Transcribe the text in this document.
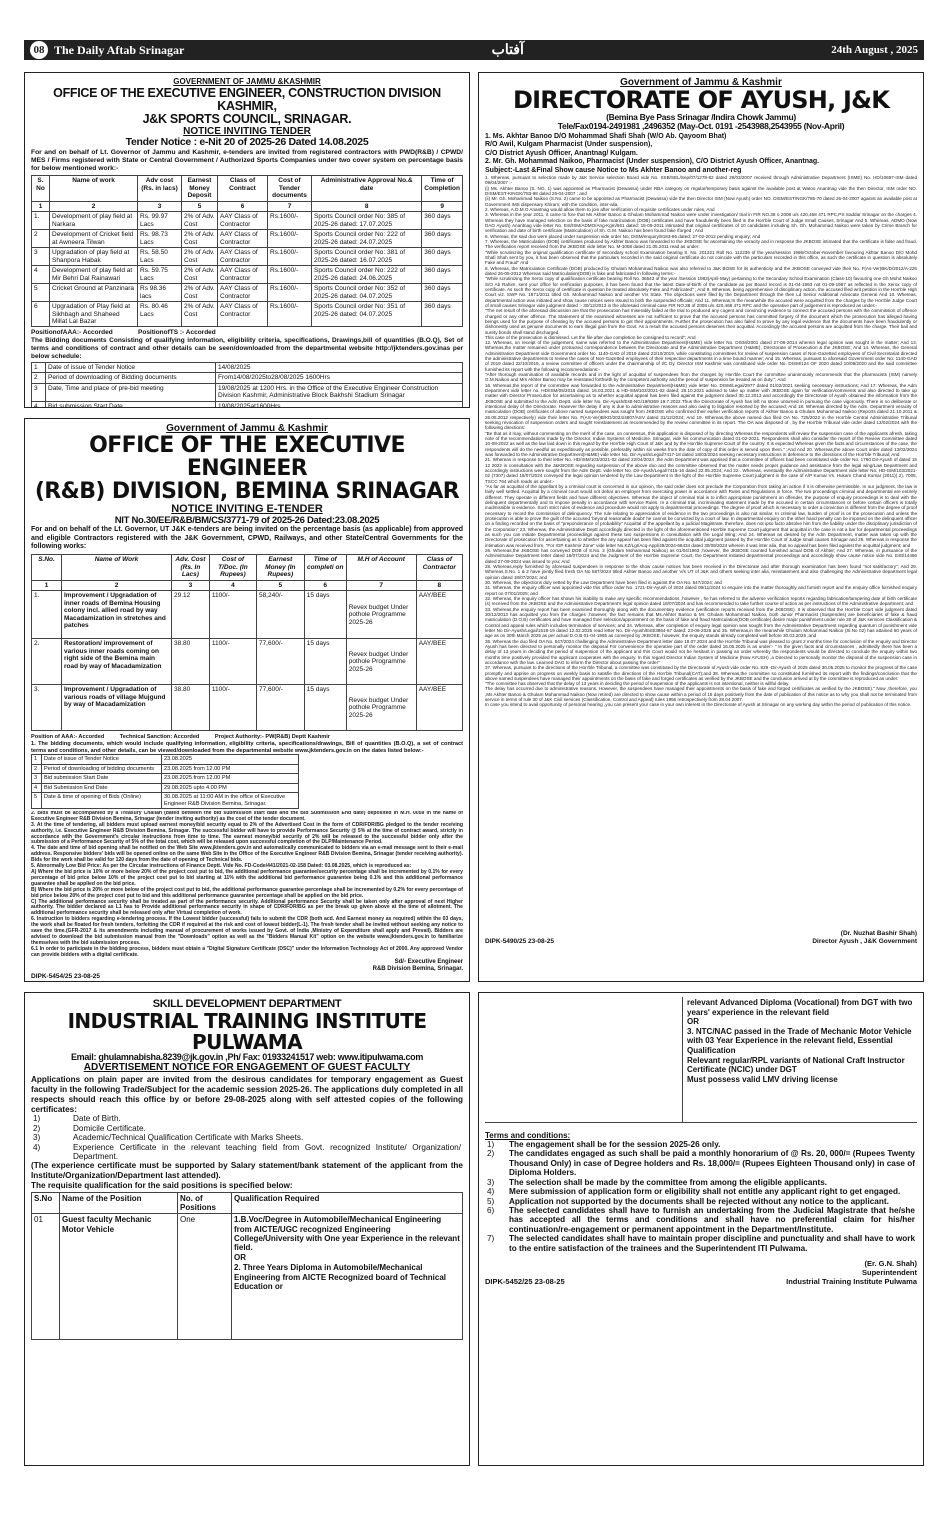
08 The Daily Aftab Srinagar	آفتاب	24th August , 2025
GOVERNMENT OF JAMMU &KASHMIR
OFFICE OF THE EXECUTIVE ENGINEER, CONSTRUCTION DIVISION KASHMIR,
J&K SPORTS COUNCIL, SRINAGAR.
NOTICE INVITING TENDER
Tender Notice : e-Nit 20 of 2025-26 Dated 14.08.2025
For and on behalf of Lt. Governor of Jammu and Kashmir, e-tenders are invited from registered contractors with PWD(R&B) / CPWD/ MES / Firms registered with State or Central Government / Authorized Sports Companies under two cover system on percentage basis for below mentioned work:-
S. No	Name of work	Adv cost (Rs. in lacs)	Earnest Money Deposit	Class of Contract	Cost of Tender documents	Administrative Approval No.& date	Time of Completion
1	2	3	5	6	7	8	9
1.	Development of play field at Narkara	Rs. 99.97 Lacs	2% of Adv. Cost	AAY Class of Contractor	Rs.1600/-	Sports Council order No: 385 of 2025-26 dated: 17.07.2025	360 days
2	Development of Cricket field at Awneera Tilwan	Rs. 98.73 Lacs	2% of Adv. Cost	AAY Class of Contractor	Rs.1600/-	Sports Council order No: 222 of 2025-26 dated: 24.07.2025	360 days
3	Upgradation of play field at Shanpora Habak	Rs. 58.50 Lacs	2% of Adv. Cost	AAY Class of Contractor	Rs.1600/-	Sports Council order No: 381 of 2025-26 dated: 16.07.2025	360 days
4	Development of play field at Mir Behri Dal Rainawari	Rs. 59.75 Lacs	2% of Adv. Cost	AAY Class of Contractor	Rs.1600/-	Sports Council order No: 222 of 2025-26 dated: 24.06.2025	360 days
5	Cricket Ground at Panzinara	Rs 98.36 lacs	2% of Adv. Cost	AAY Class of Contractor	Rs.1600/-	Sports Council order No: 352 of 2025-26 dated: 04.07.2025	360 days
6	Upgradation of Play field at Sikhbagh and Shaheed Millat Lal Bazar	Rs. 80.46 Lacs	2% of Adv. Cost	AAY Class of Contractor	Rs.1600/-	Sports Council order No: 351 of 2025-26 dated: 04.07.2025	360 days
PositionofAAA:- Accorded              PositionofTS :- Accorded
The Bidding documents Consisting of qualifying information, eligibility criteria, specifications, Drawings,bill of quantities (B.O.Q), Set of terms and conditions of contract and other details can be seen/downloaded from the departmental website http://jktenders.gov.inas per below schedule:
1	Date of issue of Tender Notice	14/08/2025
2	Period of downloading of Bidding documents	From14/08/2025to28/08/2025 1600Hrs
3	Date, Time and place of pre-bid meeting	19/08/2025 at 1200 Hrs. in the Office of the Executive Engineer Construction Division Kashmir, Administrative Block Bakhshi Stadium Srinagar
4	Bid submission Start Date	19/08/2025at1600Hrs

Government of Jammu & Kashmir
OFFICE OF THE EXECUTIVE ENGINEER
(R&B) DIVISION, BEMINA SRINAGAR
NOTICE INVITING E-TENDER
NIT No.30/EE/R&B/BM/CS/3771-79 of 2025-26 Dated:23.08.2025
For and on behalf of the Lt. Governor, UT J&K e-tenders are being invited on the percentage basis (as applicable) from approved and eligible Contractors registered with the J&K Government, CPWD, Railways, and other State/Central Governments for the following works:
S.No.	Name of Work	Adv. Cost (Rs. In Lacs)	Cost of T/Doc. (In Rupees)	Earnest Money (In Rupees)	Time of completi on	M.H of Account	Class of Contractor
1	2	3	4	5	6	7	8
1.	Improvement / Upgradation of inner roads of Bemina Housing colony incl. allied road by way Macadamization in stretches and patches	29.12	1100/-	58,240/-	15 days	Revex budget Under pothole Programme 2025-26	AAY/BEE
2.	Restoration/ improvement of various inner roads coming on right side of the Bemina main road by way of Macadamization	38.80	1100/-	77,600/-	15 days	Revex budget Under pothole Programme 2025-26	AAY/BEE
3.	Improvement / Upgradation of various roads of village Mujgund by way of Macadamization	38.80	1100/-	77,600/-	15 days	Revex budget Under pothole Programme 2025-26	AAY/BEE
Position of AAA:- Accorded          Technical Sanction: Accorded          Project Authority:- PW(R&B) Deptt Kashmir
1. The bidding documents, which would include qualifying information, eligibility criteria, specifications/drawings, Bill of quantities (B.O.Q), a set of contract terms and conditions, and other details, can be viewed/downloaded from the departmental website www.jktenders.gov.in on the dates listed below:-
1	Date of issue of Tender Notice	23.08.2025
2	Period of downloading of bidding documents	23.08.2025 from 12.00 PM
3	Bid submission Start Date	23.08.2025 from 12.00 PM
4	Bid Submission End Date	29.08.2025 upto 4.00 PM
5	Date & time of opening of Bids (Online)	30.08.2025 at 11:00 AM in the office of Executive Engineer R&B Division Bemina, Srinagar.
2. Bids must be accompanied by a Treasury Challan (dated between the bid submission start date and the Bid Submission End date) deposited in M.H. 0059 in the name of Executive Engineer R&B Division Bemina, Srinagar (tender inviting authority) as the cost of the tender document.
3. At the time of tendering, all bidders must upload earnest money/bid security equal to 2% of the Advertised Cost in the form of CDR/FDR/BG pledged to the tender receiving authority, i.e. Executive Engineer R&B Division Bemina, Srinagar. The successful bidder will have to provide Performance Security @ 5% at the time of contract award, strictly in accordance with the Government's circular instructions from time to time. The earnest money/bid security of 2% will be released to the successful bidder only after the submission of a Performance Security of 5% of the total cost, which will be released upon successful completion of the DLP/Maintenance Period.
4. The date and time of bid opening shall be notified on the Web Site www.jktenders.gov.in and automatically communicated to bidders via an e-mail message sent to their e-mail address. Responsive bidders' bids will be opened online on the same Web Site in the Office of the Executive Engineer R&B Division Bemina, Srinagar (tender receiving authority). Bids for the work shall be valid for 120 days from the date of opening of Technical bids.
5. Abnormally Low Bid Price: As per the Circular instructions of Finance Deptt. Vide No. FD-Code/441/2021-02-158 Dated: 03.08.2025, which is reproduced as:
A) Where the bid price is 10% or more below 20% of the project cost put to bid, the additional performance guarantee/security percentage shall be incremented by 0.1% for every percentage of bid price below 10% of the project cost put to bid starting at 11% with the additional bid performance guarantee being 0.1% and this additional performance guarantee shall be applied on the bid price.
B) Where the bid price is 20% or more below of the project cost put to bid, the additional performance guarantee percentage shall be incremented by 0.2% for every percentage of bid price below 20% of the project cost put to bid and this additional performance guarantee percentage shall be applied on the bid price.
C) The additional performance security shall be treated as part of the performance security. Additional performance Security shall be taken only after approval of next Higher authority. The bidder declared as L1 has to Provide additional performance security in shape of CDR/FDR/BG as per the break up given above at the time of allotment. The additional performance security shall be released only after Virtual completion of work.
6. Instruction to bidders regarding e-tendering process. If the Lowest bidder (successful) fails to submit the CDR (both acd. And Earnest money as required) within the 03 days, the work shall be floated for fresh tenders, forfeiting the CDR if required at the risk and cost of lowest bidder(L-1). The fresh tender shall be invited without seeking any notice to save the time.(GFR-2017 & its amendments including manual of procurement of works issued by Govt. of India ,Ministry of Expenditure shall apply and Prevail). Bidders are advised to download the bid submission manual from the "Downloads" option as well as the "Bidders Manual Kit" option on the website www.jktenders.gov.in to familiarize themselves with the bid submission process.
6.1 In order to participate in the bidding process, bidders must obtain a "Digital Signature Certificate (DSC)" under the Information Technology Act of 2000. Any approved Vendor can provide bidders with a digital certificate.

Sd/- Executive Engineer
R&B Division Bemina, Srinagar.
DIPK-5454/25 23-08-25
Government of Jammu & Kashmir
DIRECTORATE OF AYUSH, J&K
(Bemina Bye Pass Srinagar /Indira Chowk Jammu)
Tele/Fax0194-2491981 ,2496352 (May-Oct. 0191 -2543988,2543955 (Nov-April)
1. Ms. Akhtar Banoo D/O Mohammad Shafi Shah (W/O Ab. Qayoom Bhat)
R/O Awil, Kulgam Pharmacist (Under suspension),
C/O District Ayush Officer, Anantnag/ Kulgam.
2. Mr. Gh. Mohammad Naikoo, Pharmacist (Under suspension), C/O District Ayush Officer, Anantnag.
Subject:-Last &Final Show cause Notice to Ms Akhter Banoo and another-reg
1. Whereas, pursuant to selection made by J&K Service selection Board vide No. SSB/SEL/Sep/07/1278-82 dated 29/03/2007 received through Administrative Department (ISME) No. HD/10697-ISM dated 09/04/2007 :-
(i) Ms. Akhter Banoo (S. NO. 1) was appointed as Pharmacist (Dewassa) under RBA category on regular/temporary basis against the available post at Watoo Anantnag vide the then Director, ISM order NO. DISM/EST-KINGK/783-98 dated 26-04-2007 ; and
(ii) Mr. Gh. Mohammad Naikoo (S.No. 2) came to be appointed as Pharmacist (Dewassa) vide the then Director ISM (Now Ayush) order NO. DISM/EST/NGK/785-70 dated 26-04-2007 against an available post at Government IMS dispensary Khiram; with the condition, inter-alia,
2. Whereas, A.D.M.O Anantnag would allow them to join after verification of requisite certificates under rules, And
3. Whereas in the year 2011, it came to fore that Ms Akhter Banoo & Ghulam Mohammad Naikoo were under investigation/ trial in FIR NO.38 o 2008 u/s 420,468 471 RPC,PS Saddar Srinagar on the charges 4. Whereas they have managed selection on the basis of fake matriculation (DOB) certificates and have fraudulently been filed in the Hon'ble Court of Judge Small Causes, Srinagar And 5. Whereas, ADMO (Now DAO Ayush) Anantnag vide letter No. Est/ISM/ADMO/Ang-Kgm/561 dated: 15-09-2011 intimated that original certificates of 10 candidates including Sh. Gh. Mohammad Naikoo were taken by Crime Branch for verification and date of birth certificate (Matriculation) of Sh. G.M. Naikoo has been found fake /forged ; And
6. Whereas, the said duo were placed under suspension vide order No; DISM/enquiry/8183-86 dated; 27-02-2012 pending enquiry; And
7. Whereas, the Matriculation (DOB) certificates produced by Akhter Banoo was forwarded to the JKBOSE for ascertaining the veracity and in response the JKBOSE intimated that the certificate is false and fraud. The verification report received from the JKBOSE vide letter No. M-1058 dated 21.05.2011 read as under:
"While scrutinizing the original qualification certificate of secondary school Examination bearing S. No. 201321 Roll No. 112236 of the year/session 1986/October-November favouring Akhtar Banoo D/O Mohd Shafi Shah sent by you, it has been observed that the particulars recorded in the said original certificate do not coincide with the particulars recorded in this office, as such the certificate in question is absolutely Fake and Fraud" And
8. Whereas, the Matriculation Certificate (DOB) produced by Ghulam Mohammad Naikoo was also referred to J&K BOSE for its authenticity and the JKBOSE conveyed vide their No. F(As-Ver)BK/D/2012/A-226 dated 26-05-2012 Whereas said Matriculation(DOB) is fake and fabricated in following terms:-
"While scrutinizing the Xerox copy of qualification certificate bearing Roll No. 36543 of the year /Session 1983(April-May) pertaining to the Secondary School Examination (Class-10) favouring one Gh Mohd Naikoo S/O Ab Rahim, sent your office for verification purposes, it has been found that the latest Date-of-Birth of the candidate as per Board record is 01-04-1963 not 01-09-1967 as reflected in the Xerox copy of certificate. As such the Xerox copy of certificate in question be treated absolutely Fake and Fabricated" ; And 9. Whereas, being apprehensive of disciplinary action, the accused filed writ petition in the Hon'ble High Court viz. SWP No. 1971/2011 titled Gh. Mohammad Naikoo and another V/s State. The objections were filed by the Department through the then Ld Senior Additional Advocate General And 10. Whereas, departmental action was initiated and show cause notices were issued to both the suspended officials; And 11. Whereas,In the meanwhile the accused were acquitted from the charges by the Hon'ble Judge Court of small causes Srinagar vide judgment dated :- 30/12/2013 in the aforesaid criminal case FIR NO.38 of 2008 u/s 420,468 471 RPC and the operative part of judgement is reproduced as under:-
"The net result of the aforesaid discussion are that the prosecution has miserably failed at the trial to produced any cogent and convincing evidence to connect the accused persons with the commission of offence charged or any other offence. The Statement of the examined witnesses are not sufficient to prove that the accused persons has committed forgery of the document which the prosecution has alleged having beings used for the purpose of cheating by the accused persons to get their appointments. Further the prosecution has also failed to prove by any legal evidence that the documents have been fraudulently or dishonestly used as genuine documents to earn illegal gain from the Govt. As a result the accused persons deserves their acquittal. Accordingly the accused persons are acquitted from the charge. Their bail and surety bonds shall stand discharged.
This case of the prosecution is dismissed. Let the file after due completion be consigned to record"; And
12. Whereas, on receipt of the judgement, same was referred to the Administrative Department(H&ME) vide letter No. DISM/2001 dated 27-06-2014 wherein legal opinion was sought in the matter; And 13. Whereas,the matter remained under protracted correspondence between the Directorate and the Administrative Department (H&ME), Directorate of Prosecution & the JKBOSE; And 14. Whereas, the General Administration Department vide Government order No. 1140-GAD of 2019 dated 22/10/2019, while constituting committees for review of suspension cases of Non-Gazetted employees of Civil Secretariat directed the administrative departments to review the cases of Non-Gazetted employees of their respective departments in a time bound manner; And 15. Whereas, pursuant to aforesaid Government order No. 1140-GAD of 2019 dated 22/10/2019, a review committee of officers under the chairmanship of I/C Dy. Director ISM Kashmir was constituted vide order No. DISM/124 OF 2020 dated 10/08/2020 and the said committee furnished its report with the following recommendations:-
"After thorough examination of available records and in the light of acquittal of suspendees from the charges by Hon'ble Court the committee unanimously recommends that the pharmacists (ISM) namely G.M.Naikoo and Mrs Akhter Banoo may be reinstated forthwith by the competent authority and the period of suspension be treated as on duty."; And
16. Whereas,the report of the committee was forwarded to the Administrative Department(H&ME) vide letter No. DISM/Legal/2977 dated 01/02/2021 seeking necessary instructions; And 17. Whereas, the Adm Department vide letter no. HD/ISM/05/2018 dated. 16.03.2021 & HD-ISM/103/2021-02 dated; 28.10.2021 advised to take up matter with JKBOSE again for verification/comments and also directed to take up matter with Director Prosecution for ascertaining as to whether acquittal appeal has been filed against the judgment dated 30.12.2013 and accordingly the Directorate of Ayush obtained the information from the JKBOSE and submitted to the Adm Deptt. vide letter No. Dir-Ayush/Estt-NG/19/9369 19.7.2022.Thus the Directorate of Ayush has left no stone unturned in pursuing the case vigorously. There is no deliberate or intentional delay of the Directorate. However the delay if any is due to administrative reasons and also owing to litigation resorted by the accused; And 18. Whereas directed by the Adm. Department veracity of matriculation (DOB) certificates of above named suspendees was sought from JKBOSE who confirmed their earlier verification reports of Akhter Banoo & Ghulam Mohammad Naikoo (Reports dated 21.10.2011 & 26.05.2012 respectively) vide their letter No. F(AS-Ver)B/KD/2024/4807/ASV dated 31/12/2024; And 19. Whereas,the above named duo filed OA No. 725/2022 in the Hon'ble Central Administrative Tribunal seeking revocation of suspension orders and sought reinstatement as recommended by the review committee in its report. The OA was disposed of , by the Hon'ble Tribunal vide order dated 13/02/2024 with the following directions:
"Be that as it may, without commenting on the merit of the case, on consensus, this application is disposed of by directing Whereas the respondents will review the suspension case of the applicants afresh, taking note of the recommendations made by the Director, Indian Systems of Medicine, Srinagar, vide his communication dated 01-02-2021. Respondents shall also consider the report of the Review Committee dated 10-08-2022 as well as the law laid down in this regard by the Hon'ble High Court of J&K and by the Hon'ble Supreme Court of the country. It is expected Whereas given the facts and circumstances of the case, the respondents will do the needful as expeditiously as possible, preferably within six weeks from the date of copy of this order is served upon them." ;And And 20. Whereas,the above Court order dated 13/02/2024 was forwarded to the Administrative Department(H&ME) vide letter No. Dir-Ayush/Legal/7417-18 dated 18/03/2024 seeking necessary instructions in deference to the directions of the Hon'ble Tribunal; And
21. Whereas in response to their letter No. HD/ISM/103/2021-02 dated 22/04/2024 ,the Adm Department was apprised that a committee of officers had been constituted vide order No. 1760 Dir-Ayush of dated 15 12 2022 in consultation with the J&KBOSE regarding suspension of the above duo and the committee observed that the matter needs proper guidance and assistance from the legal wing/Law Department and accordingly instructions were sought from the Adm Deptt. vide letter No. Dir-Ayush/Legal/7415-16 dated 22.05.2024; And 22 . Whereas, eventually the Administrative Department vide letter No. HD-ISM/103/2021-02 (7307) dated 18/07/2024 conveyed the legal opinion tendered by the Law Department in the light of the Hon'ble Supreme Court judgment in the case of A/P Kumar Vs. Hukam Chand Kumar (2011)( 2), 7005, TSCC 764 which reads as under:-
"As far as acquittal of the appellant by a criminal court is concerned in our opinion, the said order does not preclude the Corporation from taking an action if it is otherwise permissible. In our judgment, the law is fairly well settled. Acquittal by a criminal court would not debar an employer from exercising power in accordance with Rules and Regulations in force. The two proceedings criminal and departmental are entirely different. They operate in different fields and have different objectives. Whereas the object of criminal trial is to inflict appropriate punishment on offender, the purpose of enquiry proceedings is to deal with the delinquent departmentally and to impose penalty in accordance with service Rules. In a criminal trial, incriminating statement made by the accused in certain circumstances or before certain officers is totally inadmissible in evidence. Such strict rules of evidence and procedure would not apply to departmental proceedings. The degree of proof which is necessary to order a conviction is different from the degree of proof necessary to record the commission of delinquency. The rule relating to appreciation of evidence in the two proceedings is also not similar. In criminal law, burden of proof is on the prosecution and unless the prosecution is able to prove the guilt of the accused 'beyond reasonable doubt' he cannot be convicted by a court of law. In departmental enquiry on the other hand penalty can be imposed on the delinquent officer on a finding recorded on the basis of "preponderance of probability" Acquittal of the appellant by a judicial Magistrate, therefore, does not ipso facto absolve him from the liability under the disciplinary jurisdiction of the Corporation" 23. Whereas, the Administrative Deptt accordingly directed in the light of the aforementioned Hon'ble Supreme Court judgment that acquittal in the case is not a bar for departmental proceedings as such you can initiate Departmental proceedings against these two suspensions in consultation with the Legal Wing; And 24. Whereas as desired by the Adm Department, matter was taken up with the Directorate of prosecution for ascertaining as to whether the any appeal has been filed against the acquittal judgment passed by the Hon'ble Court of Judge small causes Srinagar and 25. Whereas in response the intimation was received from, "For IGP Kashmir Zone" vide letter No.KZ/LgI/Acq-Appl/49/2024-68434 dated 30/09/2024 wherein it was inter alia, that no appeal has been filed against the acquittal judgment; and
26. Whereas,the JKBOSE has conveyed DOB of S.No. 2 (Ghulam Mohammad Naikoo) as 01/04/1963 ,however, the JKBOSE counted furnished actual DOB of Akhter; And 27. Whereas, in pursuance of the Administrative Department letter dated 18/07/2024 and the Judgment of the Hon'ble Supreme Court, the Department initiated departmental proceedings and accordingly show cause notice vide No. Estt/14456 dated 27-09-2024 was issued to you; And
28. Whereas,reply furnished by aforesaid suspendees in response to the show cause notices has been received in the Directorate and after thorough examination has been found "not satisfactory"; And 29. Whereas,S.No. 1 & 2 have jointly filed fresh OA No 587/2024 titled Akhter Banoo and another V/s UT of J&K and others seeking inter alia, reinstatement and also challenging the Administrative department legal opinion dated 18/07/2024; and
30. Whereas, the objections duly vetted by the Law Department have been filed in against the OA No. 547/2024; and
31. Whereas, the enquiry officer was appointed vide this office order No. 1721-Dir-Ayush of 2024 dated 09/11/2024 to enquire into the matter thoroughly and furnish report and the enquiry office furnished enquiry report on 07/01/2025; and
32. Whereas, the enquiry officer has shown his inability to make any specific recommendations ,however , he has referred to the adverse verification reports regarding fabrication/tampering date of birth certificate (s) received from the JKBOSE and the Administrative Department's legal opinion dated 18/07/2024 and has recommended to take further course of action as per instructions of the Administrative department; and
33. Whereas,the enquiry report has been examined thoroughly along with the documentary evidence (verification reports received from the JKBOSE). It is observed that the Hon'ble Court vide judgment dated 30/12/2013 has acquitted you from the charges ,however, the fact remains that Ms.Akhter Banoo & Mr. Ghulam Mohammad Naikoo, both Junior Pharmacist (Suspendes) are beneficiaries of fake & fraud matriculation (D.O.B) certificates and have managed their selection/appointment on the basis of fake and fraud Matriculation(DOB certificate) desire major punishment under rule 30 of J&K services Classification & Control and appeal rules which includes termination of services; and 34. Whereas, after completion of enquiry legal opinion was sought from the Administrative Department regarding quantum of punishment vide letter No Dir-Ayush/Legal/1518-19 dated 12.02.2025 read letter No. Dir-Ayush/Estt/3864-67 dated: 23-06-2025 and 35. Whereas,in the meanwhile Ghulam Mohammad Naikoo (Sl.No 02) has attained 60 years of age as on 30th March 2025 as per actual D.O.B 01-04-1965 as conveyed by JKBOSE, however, the enquiry stands already completed well before 30.03.2025 ;and
36. Whereas the duo filed OA No. 547/2024 challenging the Administrative Department letter date 18.07.2024 and the Hon'ble Tribunal was pleased to grant 2 months time for conclusion of the enquiry and Director Ayush has been directed to personally monitor the disposal For convenience the operative part of the order dated 16.05.2025 is as under:- " In the given facts and circumstances , admittedly there has been a delay of 13 years in deciding the period of suspension of the applicant and this Court would not be hesitant in passing an order whereby the respondents would be directed to conclude the enquiry within two months time positively provided the applicant cooperates with the enquiry. In this regard Director Indian System of Medicine (Now AYUSH) ,a Directed to personally monitor the disposal of the suspension case in accordance with the law. Learned DAG to inform the Director about passing the order"
37. Whereas, pursuant to the directions of the Hon'ble Tribunal, a committee was constituted by the Directorate of Ayush vide order No. 829 -Dir-Ayush of 2025 dated 30.05.2025 to monitor the progress of the case promptly and apprise on progress on weekly basis to satisfie the directions of the Hon'ble Tribunal(CAT);and 38. Whereas,the committee so constituted furnished its report with the findings/conclusion that the above named suspendees have managed their appointments on the basis of fake and forged certificates as verified by the JKBOSE and the conclusion arrived at by the committee is reproduced as under:
"The committee has observed that the delay of 13 years in deciding the period of suspension of the applicants is not intentional, neither is willful delay.
The delay has occurred due to administrative reasons. However, the suspendees have managed their appointments on the basis of fake and forged certificates as verified by the JKBOSE)." Now ,therefore, you ,Ms Akhter Banoo & Ghulam Mohammad Naikoo (Now retired) are directed to show cause within a period of 15 days positively from the date of publication of this notice as to why you shall not be terminated from service in terms of rule 30 of J&K Civil services (Classification, Control and Appeal) rules 1956 retrospectively from 28.04.2007.
In case you intend to avail opportunity of personal hearing ,you can present your case in your own interest in the Directorate of Ayush at Srinagar on any working day within the period of publication of this notice.
(Dr. Nuzhat Bashir Shah)
DIPK-5490/25 23-08-25	Director Ayush , J&K Government
SKILL DEVELOPMENT DEPARTMENT
INDUSTRIAL TRAINING INSTITUTE PULWAMA
Email: ghulamnabisha.8239@jk.gov.in ,Ph/ Fax: 01933241517 web: www.itipulwama.com
ADVERTISEMENT NOTICE FOR ENGAGEMENT OF GUEST FACULTY
Applications on plain paper are invited from the desirous candidates for temporary engagement as Guest faculty in the following Trade/Subject for the academic session 2025-26. The applications duly completed in all respects should reach this office by or before 29-08-2025 along with self attested copies of the following certificates:
1)	Date of Birth.
2)	Domicile Certificate.
3)	Academic/Technical Qualification Certificate with Marks Sheets.
4)	Experience Certificate in the relevant teaching field from Govt. recognized Institute/ Organization/ Department.
(The experience certificate must be supported by Salary statement/bank statement of the applicant from the Institute/Organization/Department last attended).
The requisite qualification for the said positions is specified below:
S.No	Name of the Position	No. of Positions	Qualification Required
01	Guest faculty Mechanic Motor Vehicle	One	1.B.Voc/Degree in Automobile/Mechanical Engineering from AICTE/UGC recognized Engineering College/University with One year Experience in the relevant field.
OR
2. Three Years Diploma in Automobile/Mechanical Engineering from AICTE Recognized board of Technical Education or
relevant Advanced Diploma (Vocational) from DGT with two years' experience in the relevant field
OR
3. NTC/NAC passed in the Trade of Mechanic Motor Vehicle with 03 Year Experience in the relevant field, Essential Qualification
Relevant regular/RPL variants of National Craft Instructor Certificate (NCIC) under DGT
Must possess valid LMV driving license
Terms and conditions:
1)	The engagement shall be for the session 2025-26 only.
2)	The candidates engaged as such shall be paid a monthly honorarium of @ Rs. 20, 000/= (Rupees Twenty Thousand Only) in case of Degree holders and Rs. 18,000/= (Rupees Eighteen Thousand only) in case of Diploma Holders.
3)	The selection shall be made by the committee from among the eligible applicants.
4)	Mere submission of application form or eligibility shall not entitle any applicant right to get engaged.
5)	Application not supported by the documents shall be rejected without any notice to the applicant.
6)	The selected candidates shall have to furnish an undertaking from the Judicial Magistrate that he/she has accepted all the terms and conditions and shall have no preferential claim for his/her continuation/re-engagement or permanent appointment in the Department/Institute.
7)	The selected candidates shall have to maintain proper discipline and punctuality and shall have to work to the entire satisfaction of the trainees and the Superintendent ITI Pulwama.
(Er. G.N. Shah)
Superintendent
DIPK-5452/25 23-08-25	Industrial Training Institute Pulwama
